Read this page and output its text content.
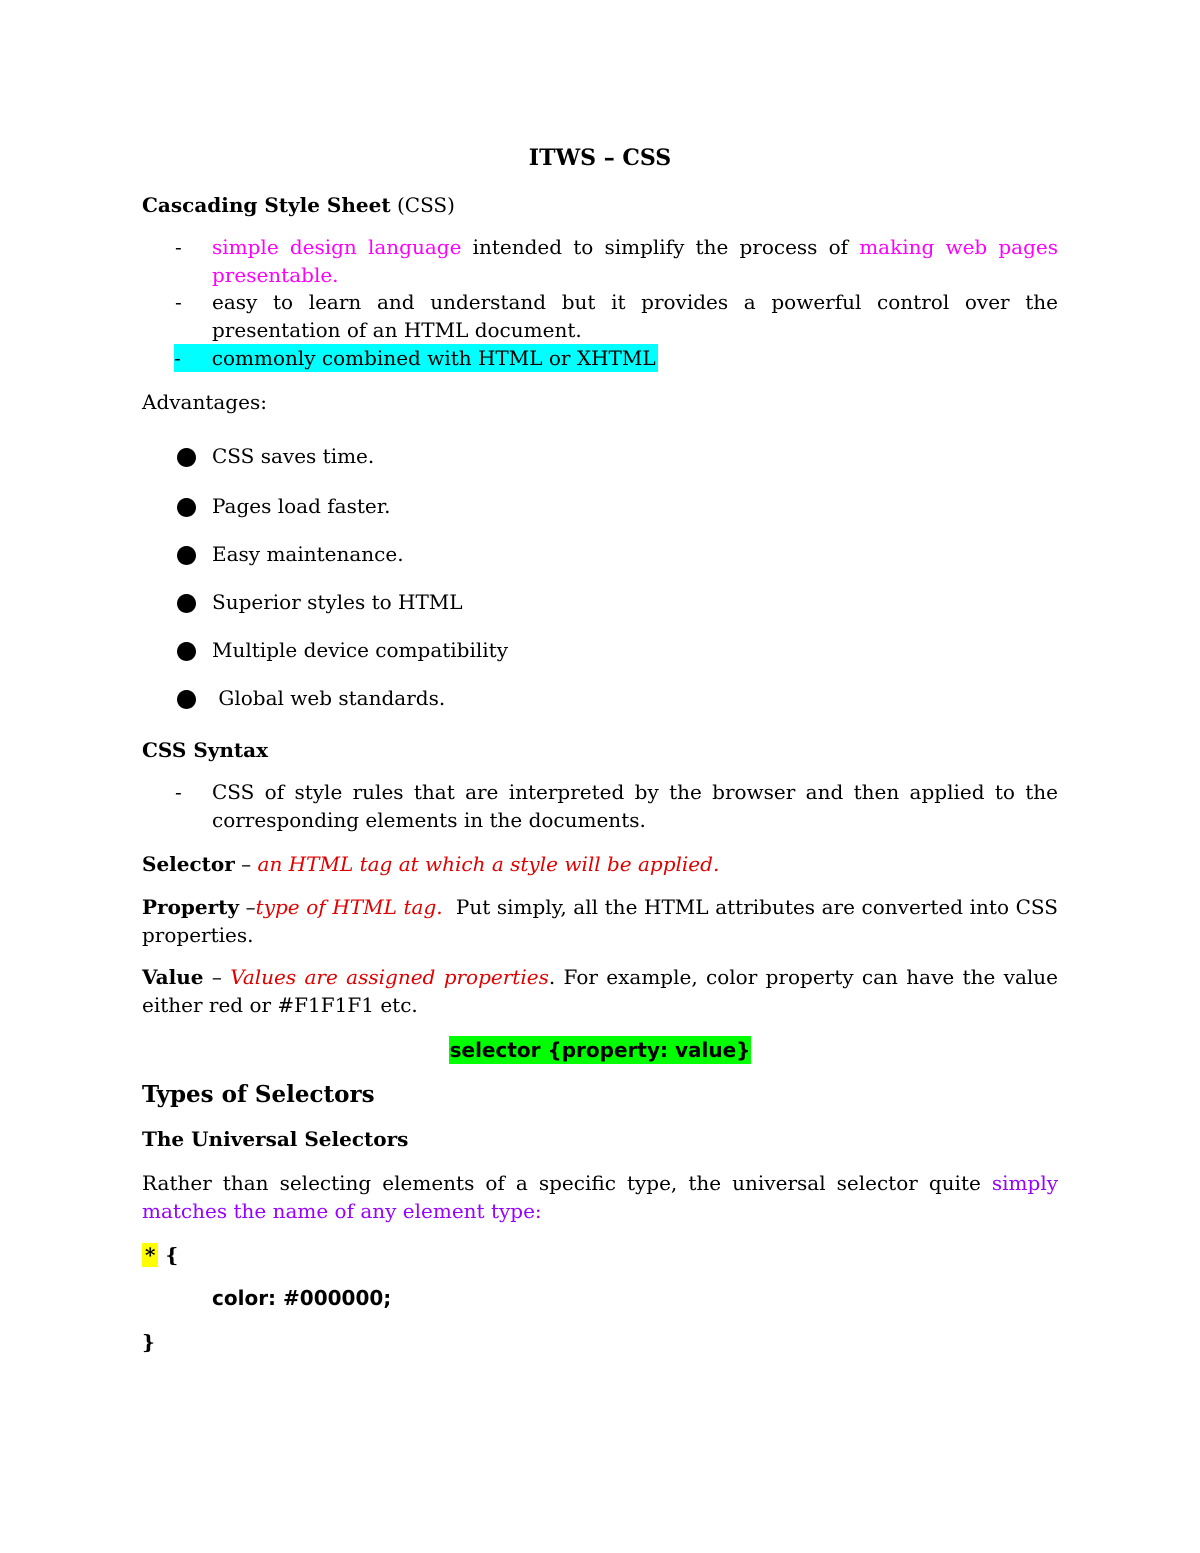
ITWS – CSS
Cascading Style Sheet (CSS)
- simple design language intended to simplify the process of making web pages
presentable.
- easy to learn and understand but it provides a powerful control over the
presentation of an HTML document.
- commonly combined with HTML or XHTML
Advantages:
CSS saves time.
Pages load faster.
Easy maintenance.
Superior styles to HTML
Multiple device compatibility
Global web standards.
CSS Syntax
- CSS of style rules that are interpreted by the browser and then applied to the
corresponding elements in the documents.
Selector – an HTML tag at which a style will be applied.
Property –type of HTML tag. Put simply, all the HTML attributes are converted into CSS
properties.
Value – Values are assigned properties. For example, color property can have the value
either red or #F1F1F1 etc.
selector {property: value}
Types of Selectors
The Universal Selectors
Rather than selecting elements of a specific type, the universal selector quite simply
matches the name of any element type:
* {
color: #000000;
}
